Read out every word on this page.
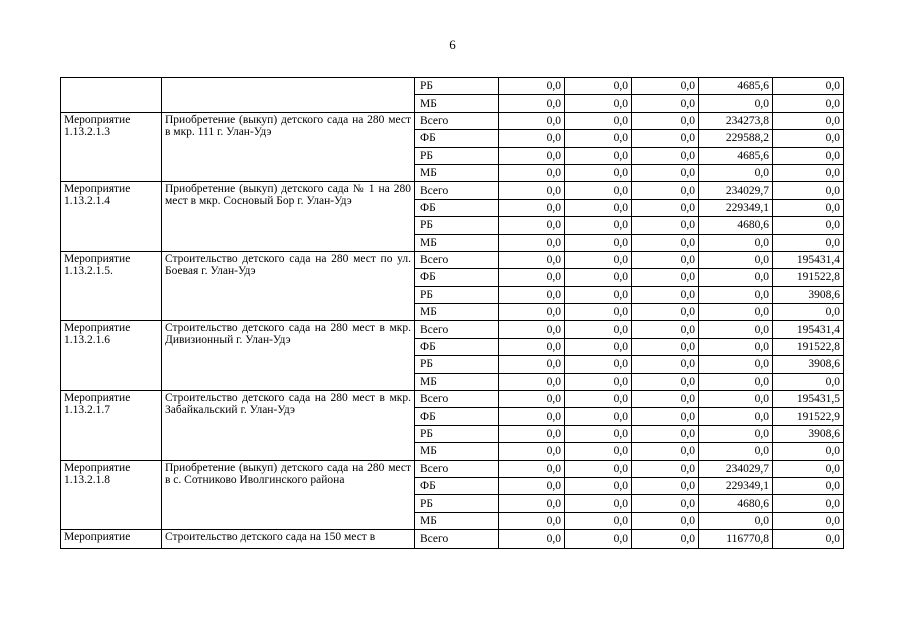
6
		РБ	0,0	0,0	0,0	4685,6	0,0
		МБ	0,0	0,0	0,0	0,0	0,0
Мероприятие 1.13.2.1.3	Приобретение (выкуп) детского сада на 280 мест в мкр. 111 г. Улан-Удэ	Всего	0,0	0,0	0,0	234273,8	0,0
		ФБ	0,0	0,0	0,0	229588,2	0,0
		РБ	0,0	0,0	0,0	4685,6	0,0
		МБ	0,0	0,0	0,0	0,0	0,0
Мероприятие 1.13.2.1.4	Приобретение (выкуп) детского сада № 1 на 280 мест в мкр. Сосновый Бор г. Улан-Удэ	Всего	0,0	0,0	0,0	234029,7	0,0
		ФБ	0,0	0,0	0,0	229349,1	0,0
		РБ	0,0	0,0	0,0	4680,6	0,0
		МБ	0,0	0,0	0,0	0,0	0,0
Мероприятие 1.13.2.1.5.	Строительство детского сада на 280 мест по ул. Боевая г. Улан-Удэ	Всего	0,0	0,0	0,0	0,0	195431,4
		ФБ	0,0	0,0	0,0	0,0	191522,8
		РБ	0,0	0,0	0,0	0,0	3908,6
		МБ	0,0	0,0	0,0	0,0	0,0
Мероприятие 1.13.2.1.6	Строительство детского сада на 280 мест в мкр. Дивизионный г. Улан-Удэ	Всего	0,0	0,0	0,0	0,0	195431,4
		ФБ	0,0	0,0	0,0	0,0	191522,8
		РБ	0,0	0,0	0,0	0,0	3908,6
		МБ	0,0	0,0	0,0	0,0	0,0
Мероприятие 1.13.2.1.7	Строительство детского сада на 280 мест в мкр. Забайкальский г. Улан-Удэ	Всего	0,0	0,0	0,0	0,0	195431,5
		ФБ	0,0	0,0	0,0	0,0	191522,9
		РБ	0,0	0,0	0,0	0,0	3908,6
		МБ	0,0	0,0	0,0	0,0	0,0
Мероприятие 1.13.2.1.8	Приобретение (выкуп) детского сада на 280 мест в с. Сотниково Иволгинского района	Всего	0,0	0,0	0,0	234029,7	0,0
		ФБ	0,0	0,0	0,0	229349,1	0,0
		РБ	0,0	0,0	0,0	4680,6	0,0
		МБ	0,0	0,0	0,0	0,0	0,0
Мероприятие	Строительство детского сада на 150 мест в	Всего	0,0	0,0	0,0	116770,8	0,0
